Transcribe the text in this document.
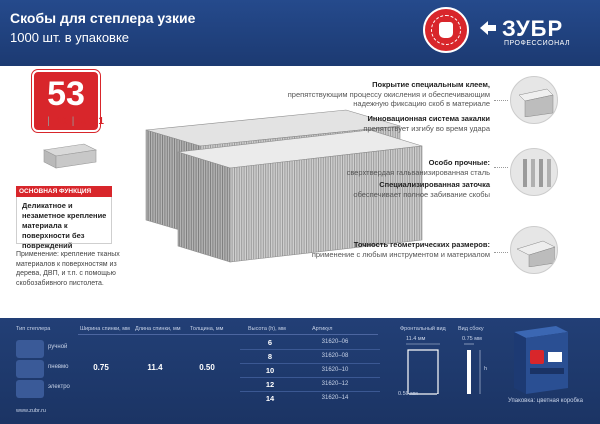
Скобы для степлера узкие
1000 шт. в упаковке	ЗУБР
ПРОФЕССИОНАЛ
53
A | 10 | JT21
ОСНОВНАЯ ФУНКЦИЯ
Деликатное и незаметное крепление материала к поверхности без повреждений
Применение: крепление тканых материалов к поверхностям из дерева, ДВП, и т.п. с помощью скобозабивного пистолета.
Покрытие специальным клеем,
препятствующим процессу окисления и обеспечивающим надежную фиксацию скоб в материале
Инновационная система закалки
препятствует изгибу во время удара
Особо прочные:
сверхтвердая гальванизированная сталь
Специализированная заточка
обеспечивает полное забивание скобы
Точность геометрических размеров:
применение с любым инструментом и материалом
Тип степлера	Ширина спинки, мм Длина спинки, мм Толщина, мм	Высота (h), мм	Артикул	Фронтальный вид Вид сбоку
ручной
пневмо
электро
0.75	11.4	0.50
6	31620–06
8	31620–08
10	31620–10
12	31620–12
14	31620–14
11.4 мм
0.50 мм
0.75 мм
h
www.zubr.ru
Упаковка: цветная коробка
